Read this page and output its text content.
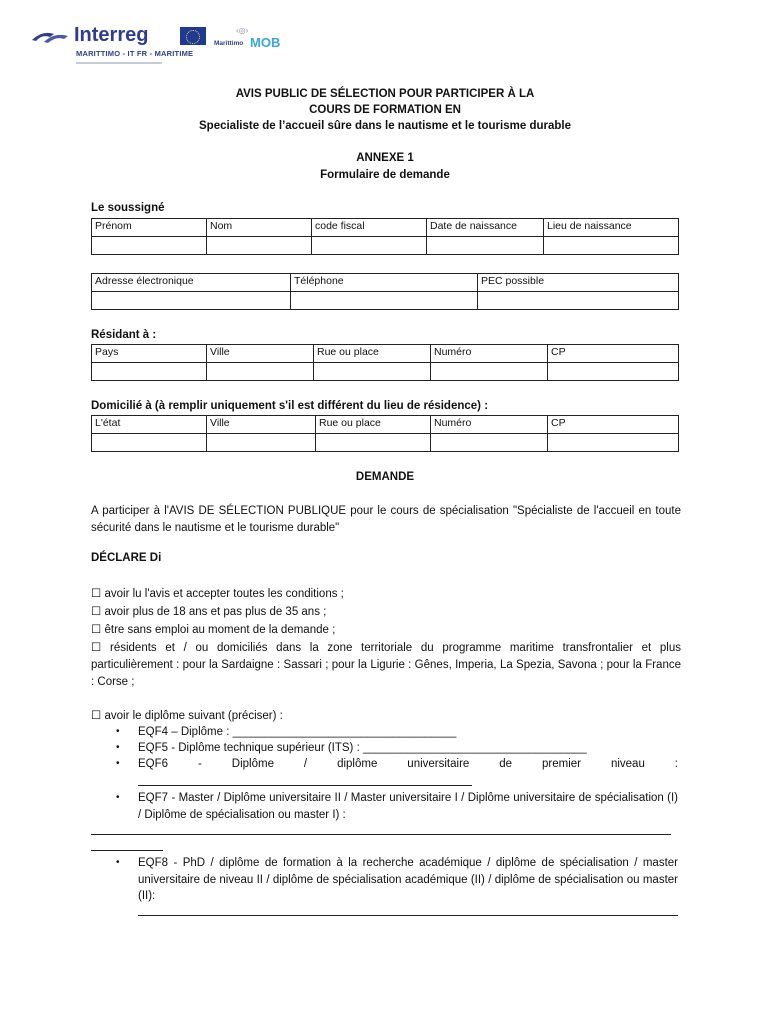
Interreg
MARITTIMO - IT FR - MARITIME
‹◎›
Marittimo MOB
AVIS PUBLIC DE SÉLECTION POUR PARTICIPER À LA
COURS DE FORMATION EN
Specialiste de l’accueil sûre dans le nautisme et le tourisme durable
ANNEXE 1
Formulaire de demande
Le soussigné
Prénom	Nom	code fiscal	Date de naissance	Lieu de naissance

Adresse électronique	Téléphone	PEC possible

Résidant à :
Pays	Ville	Rue ou place	Numéro	CP

Domicilié à (à remplir uniquement s'il est différent du lieu de résidence) :
L'état	Ville	Rue ou place	Numéro	CP

DEMANDE
A participer à l'AVIS DE SÉLECTION PUBLIQUE pour le cours de spécialisation "Spécialiste de l'accueil en toute sécurité dans le nautisme et le tourisme durable"
DÉCLARE Di
☐ avoir lu l'avis et accepter toutes les conditions ;
☐ avoir plus de 18 ans et pas plus de 35 ans ;
☐ être sans emploi au moment de la demande ;
☐ résidents et / ou domiciliés dans la zone territoriale du programme maritime transfrontalier et plus particulièrement : pour la Sardaigne : Sassari ; pour la Ligurie : Gênes, Imperia, La Spezia, Savona ; pour la France : Corse ;
☐ avoir le diplôme suivant (préciser) :
• EQF4 – Diplôme : ___________________________________
• EQF5 - Diplôme technique supérieur (ITS) : ___________________________________
• EQF6 - Diplôme / diplôme universitaire de premier niveau :
• EQF7 - Master / Diplôme universitaire II / Master universitaire I / Diplôme universitaire de spécialisation (I) / Diplôme de spécialisation ou master I) :
• EQF8 - PhD / diplôme de formation à la recherche académique / diplôme de spécialisation / master universitaire de niveau II / diplôme de spécialisation académique (II) / diplôme de spécialisation ou master (II):
